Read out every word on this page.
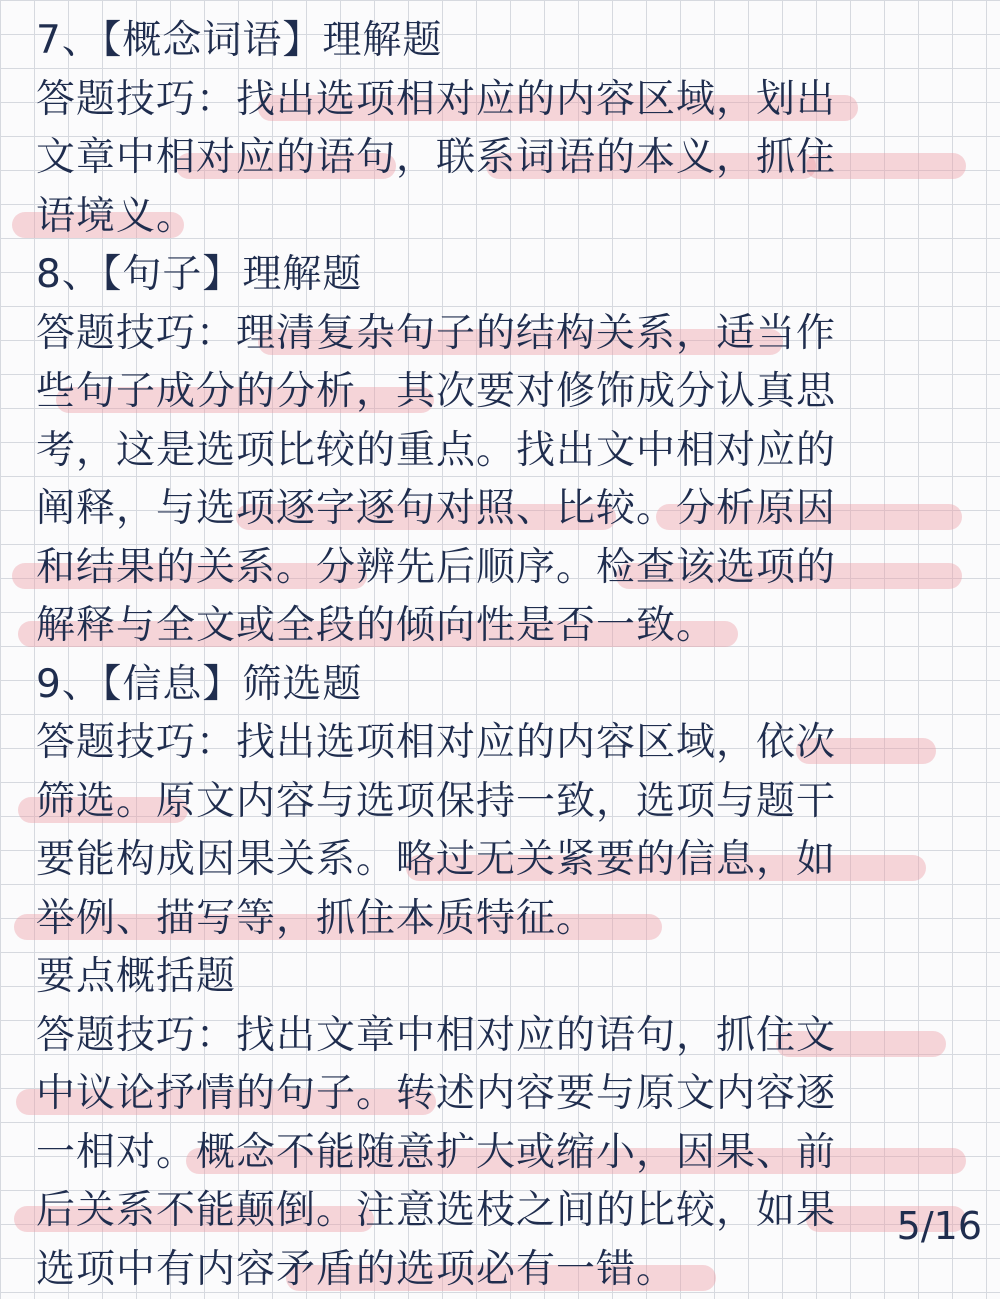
7、【概念词语】理解题
答题技巧：找出选项相对应的内容区域，划出
文章中相对应的语句，联系词语的本义，抓住
语境义。
8、【句子】理解题
答题技巧：理清复杂句子的结构关系，适当作
些句子成分的分析，其次要对修饰成分认真思
考，这是选项比较的重点。找出文中相对应的
阐释，与选项逐字逐句对照、比较。分析原因
和结果的关系。分辨先后顺序。检查该选项的
解释与全文或全段的倾向性是否一致。
9、【信息】筛选题
答题技巧：找出选项相对应的内容区域，依次
筛选。原文内容与选项保持一致，选项与题干
要能构成因果关系。略过无关紧要的信息，如
举例、描写等，抓住本质特征。
要点概括题
答题技巧：找出文章中相对应的语句，抓住文
中议论抒情的句子。转述内容要与原文内容逐
一相对。概念不能随意扩大或缩小，因果、前
后关系不能颠倒。注意选枝之间的比较，如果
选项中有内容矛盾的选项必有一错。
5/16
